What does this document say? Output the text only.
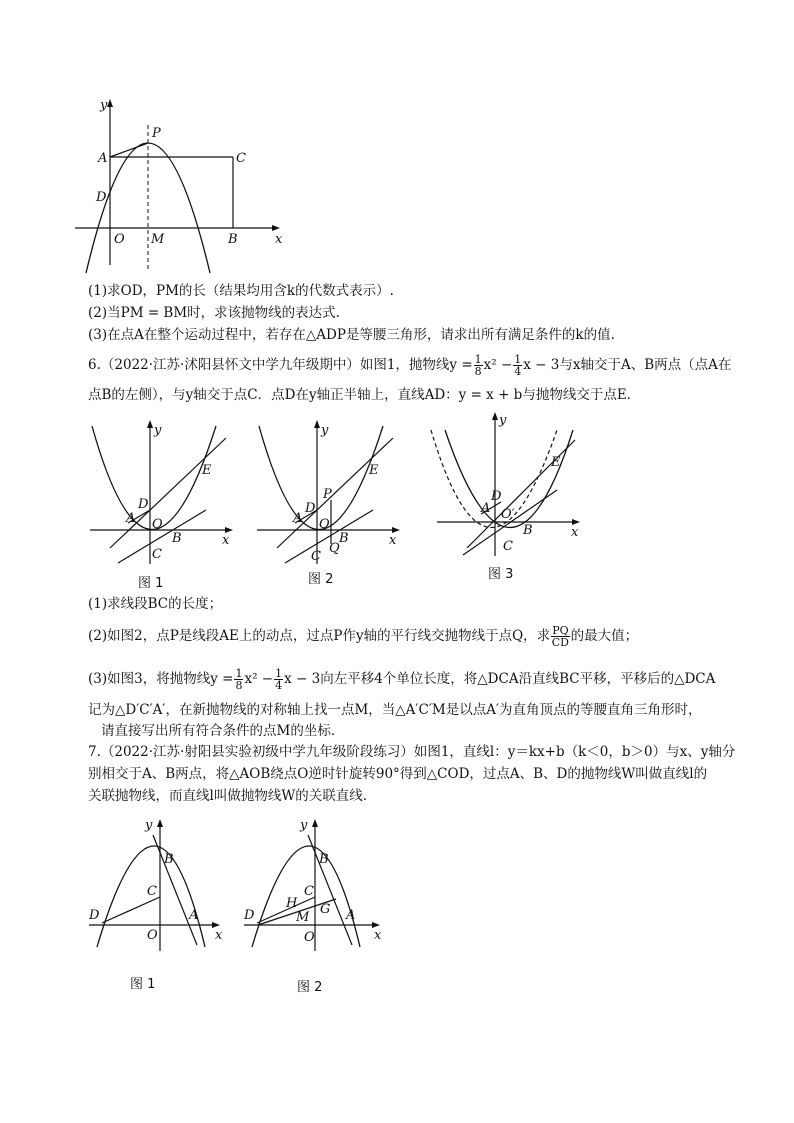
y
P
A	C
D
O M	B	x
(1)求OD，PM的长（结果均用含k的代数式表示）.
(2)当PM = BM时，求该抛物线的表达式.
(3)在点A在整个运动过程中，若存在△ADP是等腰三角形，请求出所有满足条件的k的值.
6.（2022·江苏·沭阳县怀文中学九年级期中）如图1，抛物线$y = \frac{1}{8} x^2 - \frac{1}{4}$ x − 3与x轴交于A、B两点（点A在
点B的左侧），与y轴交于点C．点D在y轴正半轴上，直线AD：y = x + b与抛物线交于点E．
y
E
D
A O
B
C
x
图 1
y
E
P
D
A O
B
Q
C
x
图 2
y
E
D
A O′
B
C
x
图 3
(1)求线段BC的长度；
(2)如图2，点P是线段AE上的动点，过点P作y轴的平行线交抛物线于点Q，求 $\frac{PQ}{CD}$ 的最大值；
(3)如图3，将抛物线$y = \frac{1}{8} x^2 - \frac{1}{4}$ x − 3向左平移4个单位长度，将△DCA沿直线BC平移，平移后的△DCA
记为△D′C′A′，在新抛物线的对称轴上找一点M，当△A′C′M是以点A′为直角顶点的等腰直角三角形时，
请直接写出所有符合条件的点M的坐标．
7.（2022·江苏·射阳县实验初级中学九年级阶段练习）如图1，直线l：y＝kx+b（k＜0，b＞0）与x、y轴分
别相交于A、B两点，将△AOB绕点O逆时针旋转90°得到△COD，过点A、B、D的抛物线W叫做直线l的
关联抛物线，而直线l叫做抛物线W的关联直线．
y
B
C
D	A
O	x
图 1
y
B
H
C
G
M
D	A
O	x
图 2
